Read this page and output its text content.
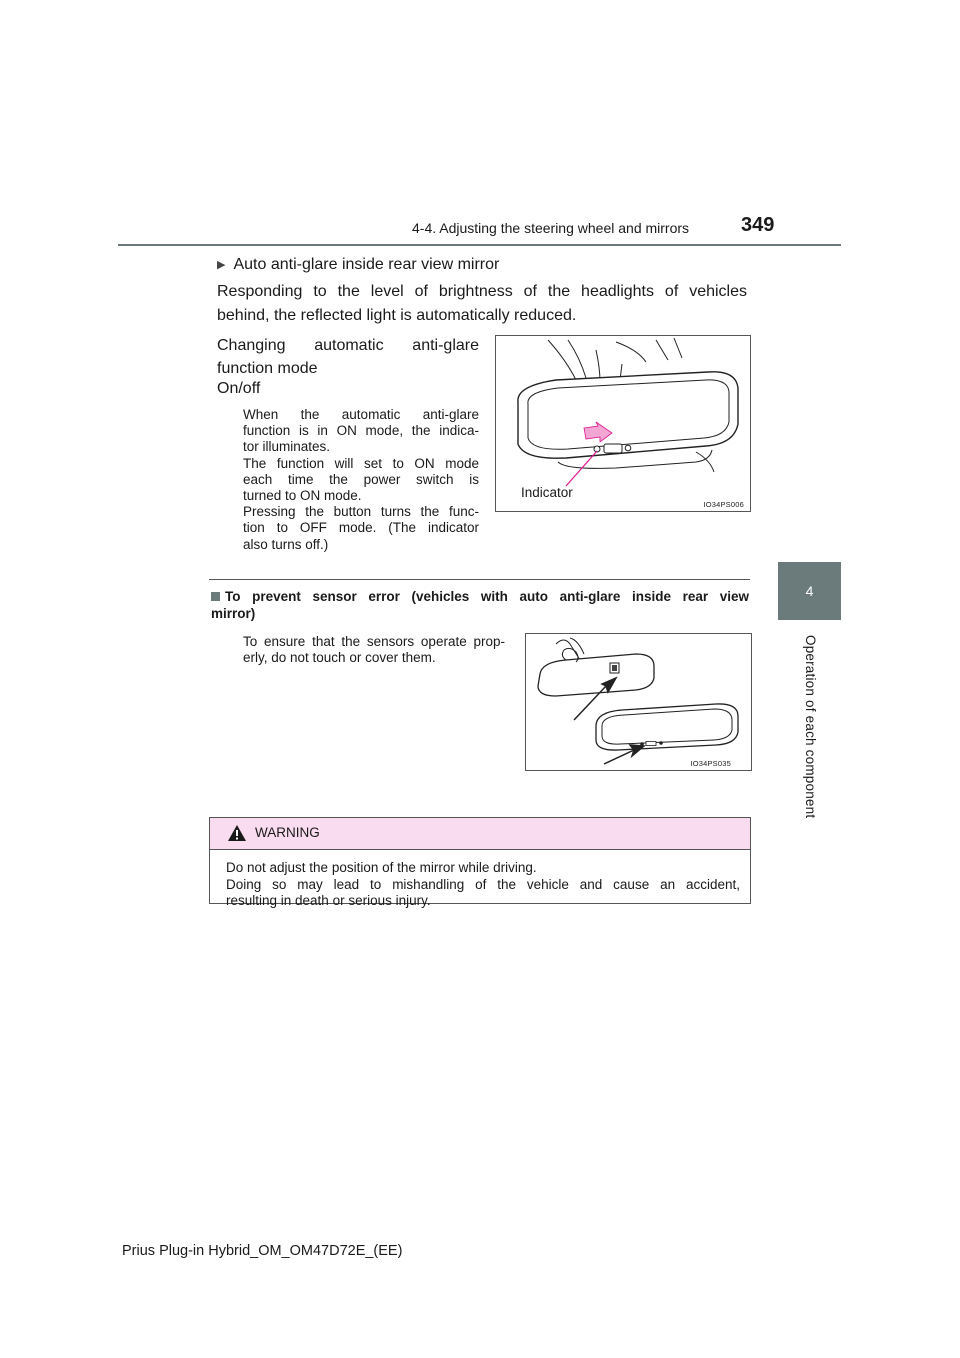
4-4. Adjusting the steering wheel and mirrors	349
4
Operation of each component
▶ Auto anti-glare inside rear view mirror
Responding to the level of brightness of the headlights of vehicles
behind, the reflected light is automatically reduced.
Changing automatic anti-glare
function mode
On/off
When the automatic anti-glare
function is in ON mode, the indica-
tor illuminates.
The function will set to ON mode
each time the power switch is
turned to ON mode.
Pressing the button turns the func-
tion to OFF mode. (The indicator
also turns off.)
IO34PS006
Indicator
To prevent sensor error (vehicles with auto anti-glare inside rear view
mirror)
To ensure that the sensors operate prop-
erly, do not touch or cover them.
IO34PS035
WARNING
Do not adjust the position of the mirror while driving.
Doing so may lead to mishandling of the vehicle and cause an accident,
resulting in death or serious injury.
Prius Plug-in Hybrid_OM_OM47D72E_(EE)
